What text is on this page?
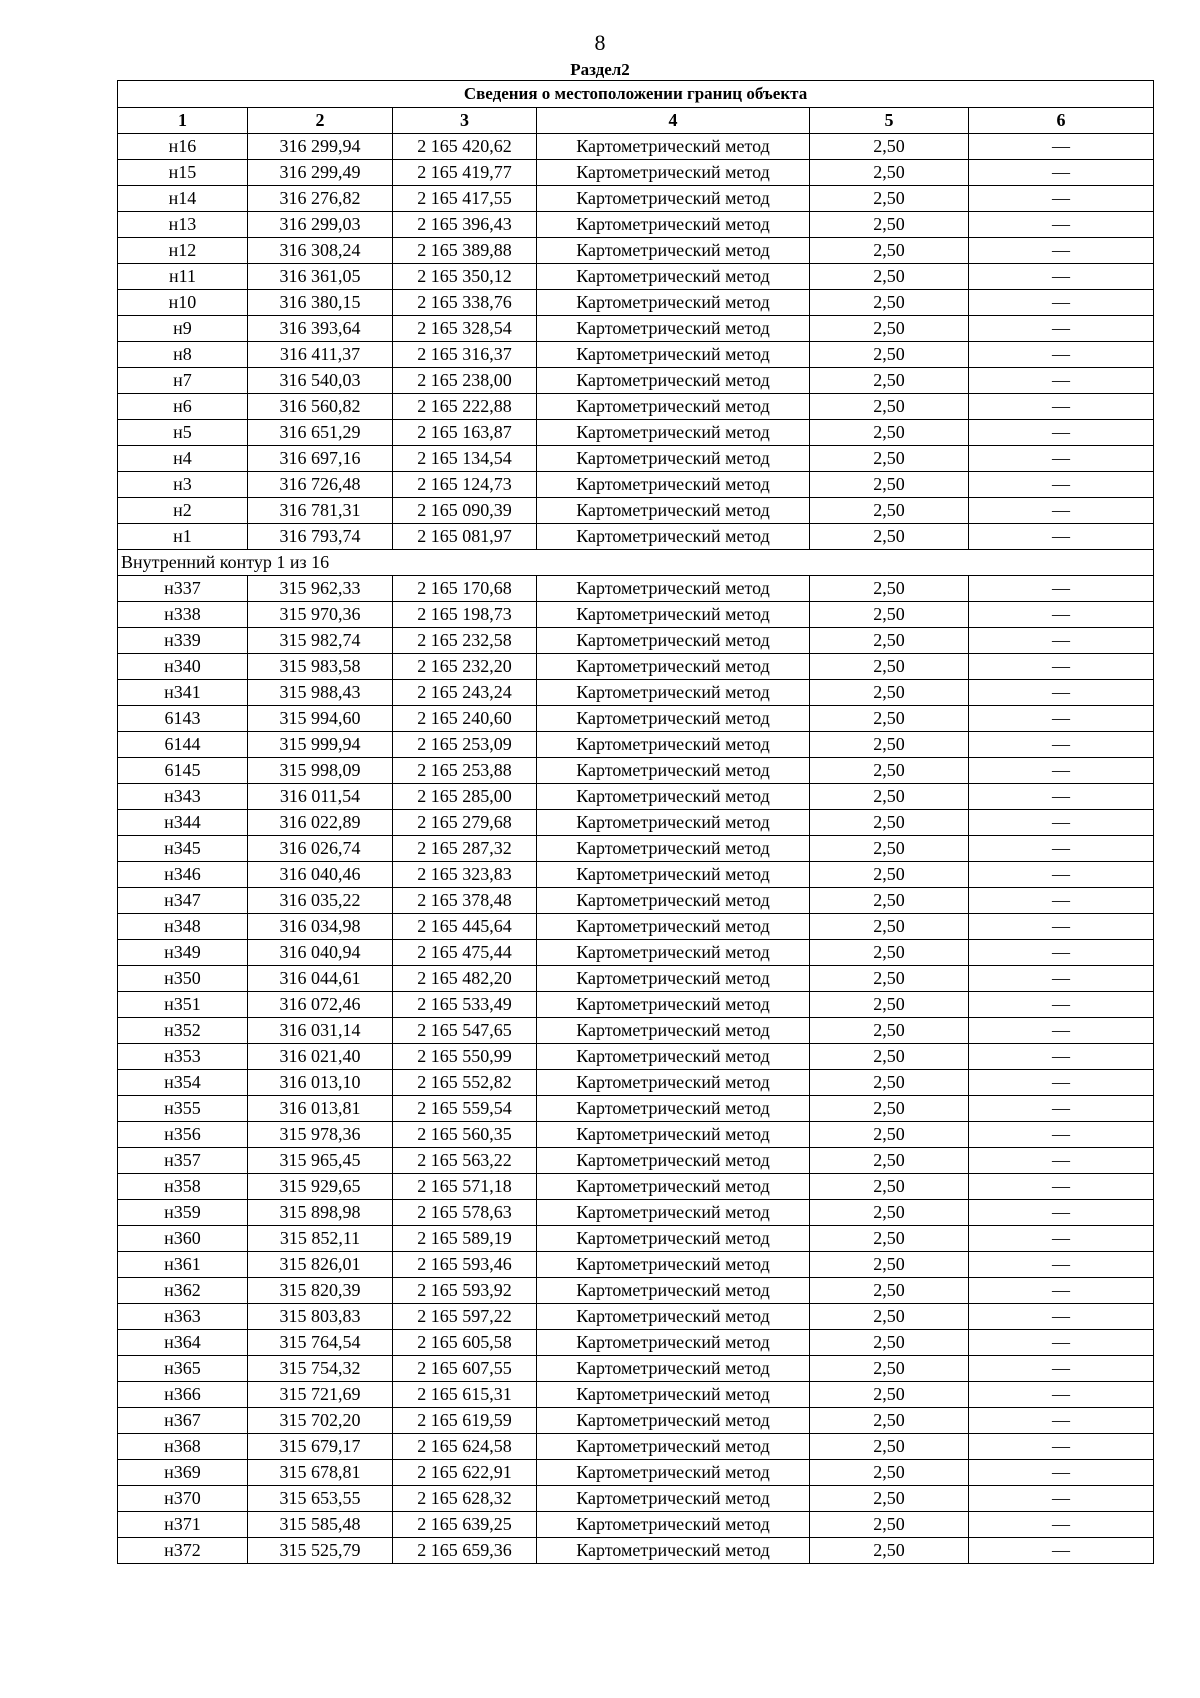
8
Раздел2
Сведения о местоположении границ объекта					
1	2	3	4	5	6
н16	316 299,94	2 165 420,62	Картометрический метод	2,50	—
н15	316 299,49	2 165 419,77	Картометрический метод	2,50	—
н14	316 276,82	2 165 417,55	Картометрический метод	2,50	—
н13	316 299,03	2 165 396,43	Картометрический метод	2,50	—
н12	316 308,24	2 165 389,88	Картометрический метод	2,50	—
н11	316 361,05	2 165 350,12	Картометрический метод	2,50	—
н10	316 380,15	2 165 338,76	Картометрический метод	2,50	—
н9	316 393,64	2 165 328,54	Картометрический метод	2,50	—
н8	316 411,37	2 165 316,37	Картометрический метод	2,50	—
н7	316 540,03	2 165 238,00	Картометрический метод	2,50	—
н6	316 560,82	2 165 222,88	Картометрический метод	2,50	—
н5	316 651,29	2 165 163,87	Картометрический метод	2,50	—
н4	316 697,16	2 165 134,54	Картометрический метод	2,50	—
н3	316 726,48	2 165 124,73	Картометрический метод	2,50	—
н2	316 781,31	2 165 090,39	Картометрический метод	2,50	—
н1	316 793,74	2 165 081,97	Картометрический метод	2,50	—
Внутренний контур 1 из 16					
н337	315 962,33	2 165 170,68	Картометрический метод	2,50	—
н338	315 970,36	2 165 198,73	Картометрический метод	2,50	—
н339	315 982,74	2 165 232,58	Картометрический метод	2,50	—
н340	315 983,58	2 165 232,20	Картометрический метод	2,50	—
н341	315 988,43	2 165 243,24	Картометрический метод	2,50	—
6143	315 994,60	2 165 240,60	Картометрический метод	2,50	—
6144	315 999,94	2 165 253,09	Картометрический метод	2,50	—
6145	315 998,09	2 165 253,88	Картометрический метод	2,50	—
н343	316 011,54	2 165 285,00	Картометрический метод	2,50	—
н344	316 022,89	2 165 279,68	Картометрический метод	2,50	—
н345	316 026,74	2 165 287,32	Картометрический метод	2,50	—
н346	316 040,46	2 165 323,83	Картометрический метод	2,50	—
н347	316 035,22	2 165 378,48	Картометрический метод	2,50	—
н348	316 034,98	2 165 445,64	Картометрический метод	2,50	—
н349	316 040,94	2 165 475,44	Картометрический метод	2,50	—
н350	316 044,61	2 165 482,20	Картометрический метод	2,50	—
н351	316 072,46	2 165 533,49	Картометрический метод	2,50	—
н352	316 031,14	2 165 547,65	Картометрический метод	2,50	—
н353	316 021,40	2 165 550,99	Картометрический метод	2,50	—
н354	316 013,10	2 165 552,82	Картометрический метод	2,50	—
н355	316 013,81	2 165 559,54	Картометрический метод	2,50	—
н356	315 978,36	2 165 560,35	Картометрический метод	2,50	—
н357	315 965,45	2 165 563,22	Картометрический метод	2,50	—
н358	315 929,65	2 165 571,18	Картометрический метод	2,50	—
н359	315 898,98	2 165 578,63	Картометрический метод	2,50	—
н360	315 852,11	2 165 589,19	Картометрический метод	2,50	—
н361	315 826,01	2 165 593,46	Картометрический метод	2,50	—
н362	315 820,39	2 165 593,92	Картометрический метод	2,50	—
н363	315 803,83	2 165 597,22	Картометрический метод	2,50	—
н364	315 764,54	2 165 605,58	Картометрический метод	2,50	—
н365	315 754,32	2 165 607,55	Картометрический метод	2,50	—
н366	315 721,69	2 165 615,31	Картометрический метод	2,50	—
н367	315 702,20	2 165 619,59	Картометрический метод	2,50	—
н368	315 679,17	2 165 624,58	Картометрический метод	2,50	—
н369	315 678,81	2 165 622,91	Картометрический метод	2,50	—
н370	315 653,55	2 165 628,32	Картометрический метод	2,50	—
н371	315 585,48	2 165 639,25	Картометрический метод	2,50	—
н372	315 525,79	2 165 659,36	Картометрический метод	2,50	—
